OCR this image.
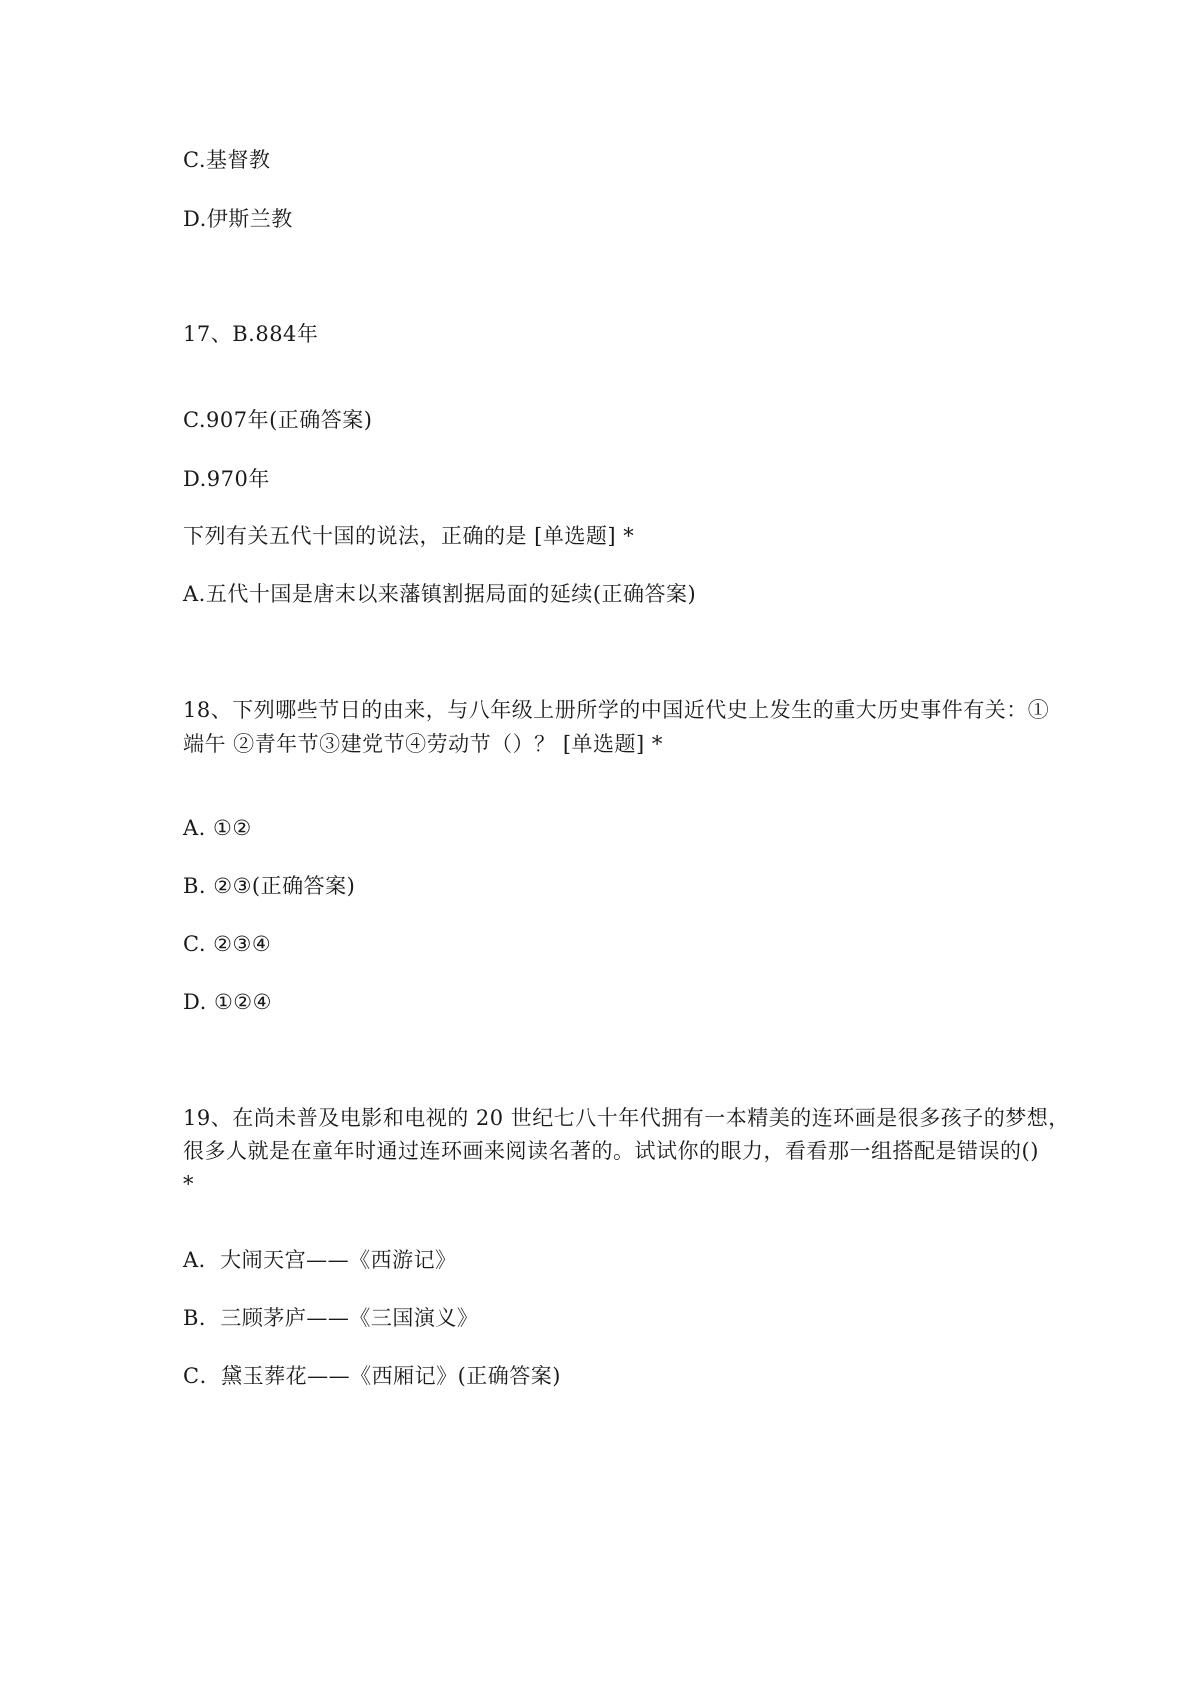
C.基督教
D.伊斯兰教
17、B.884年
C.907年(正确答案)
D.970年
下列有关五代十国的说法，正确的是 [单选题] *
A.五代十国是唐末以来藩镇割据局面的延续(正确答案)
18、下列哪些节日的由来，与八年级上册所学的中国近代史上发生的重大历史事件有关：①
端午 ②青年节③建党节④劳动节（）？ [单选题] *
A. ①②
B. ②③(正确答案)
C. ②③④
D. ①②④
19、在尚未普及电影和电视的 20 世纪七八十年代拥有一本精美的连环画是很多孩子的梦想，
很多人就是在童年时通过连环画来阅读名著的。试试你的眼力，看看那一组搭配是错误的()
*
A．大闹天宫——《西游记》
B．三顾茅庐——《三国演义》
C．黛玉葬花——《西厢记》(正确答案)
